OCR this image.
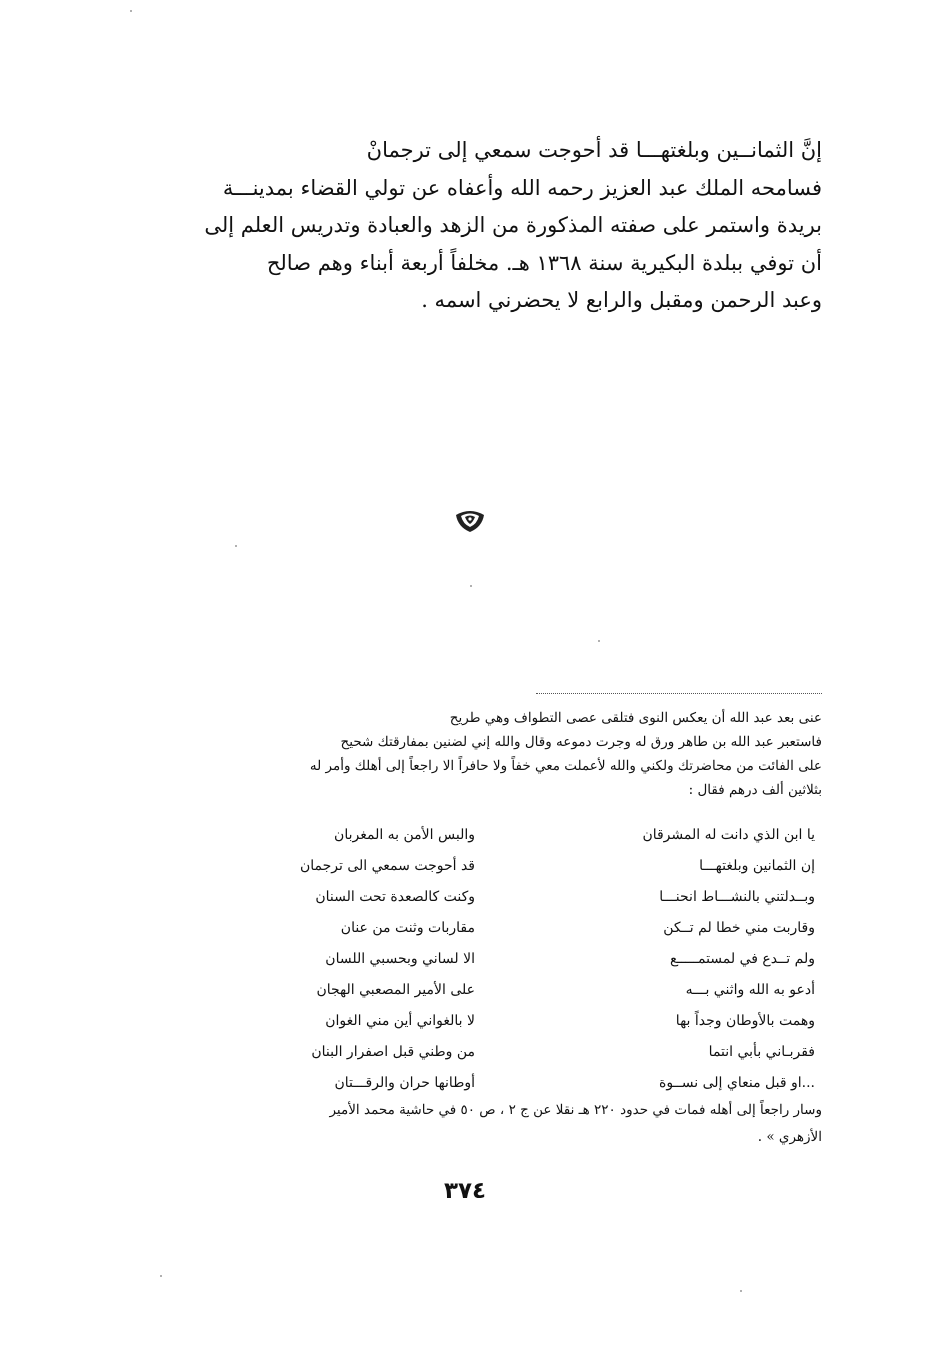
إنَّ الثمانــين وبلغتهـــا قد أحوجت سمعي إلى ترجمانْ
فسامحه الملك عبد العزيز رحمه الله وأعفاه عن تولي القضاء بمدينـــة
بريدة واستمر على صفته المذكورة من الزهد والعبادة وتدريس العلم إلى
أن توفي ببلدة البكيرية سنة ١٣٦٨ هـ. مخلفاً أربعة أبناء وهم صالح
وعبد الرحمن ومقبل والرابع لا يحضرني اسمه .
عنى بعد عبد الله أن يعكس النوى فتلقى عصى التطواف وهي طريح
فاستعبر عبد الله بن طاهر ورق له وجرت دموعه وقال والله إني لضنين بمفارقتك شحيح
على الفائت من محاضرتك ولكني والله لأعملت معي خفاً ولا حافراً الا راجعاً إلى أهلك وأمر له
بثلاثين ألف درهم فقال :
يا ابن الذي دانت له المشرقان
والبس الأمن به المغربان
إن الثمانين وبلغتهـــا
قد أحوجت سمعي الى ترجمان
وبــدلتني بالنشـــاط انحنـــا
وكنت كالصعدة تحت السنان
وقاربت مني خطا لم تــكن
مقاربات وثنت من عنان
ولم تــدع في لمستمـــــع
الا لساني وبحسبي اللسان
أدعو به الله واثني بـــه
على الأمير المصعبي الهجان
وهمت بالأوطان وجداً بها
لا بالغواني أين مني الغوان
فقربـاني بأبي انتما
من وطني قبل اصفرار البنان
...او قبل منعاي إلى نســوة
أوطانها حران والرقـــتان
وسار راجعاً إلى أهله فمات في حدود ٢٢٠ هـ نقلا عن ج ٢ ، ص ٥٠ في حاشية محمد الأمير
الأزهري » .
٣٧٤
